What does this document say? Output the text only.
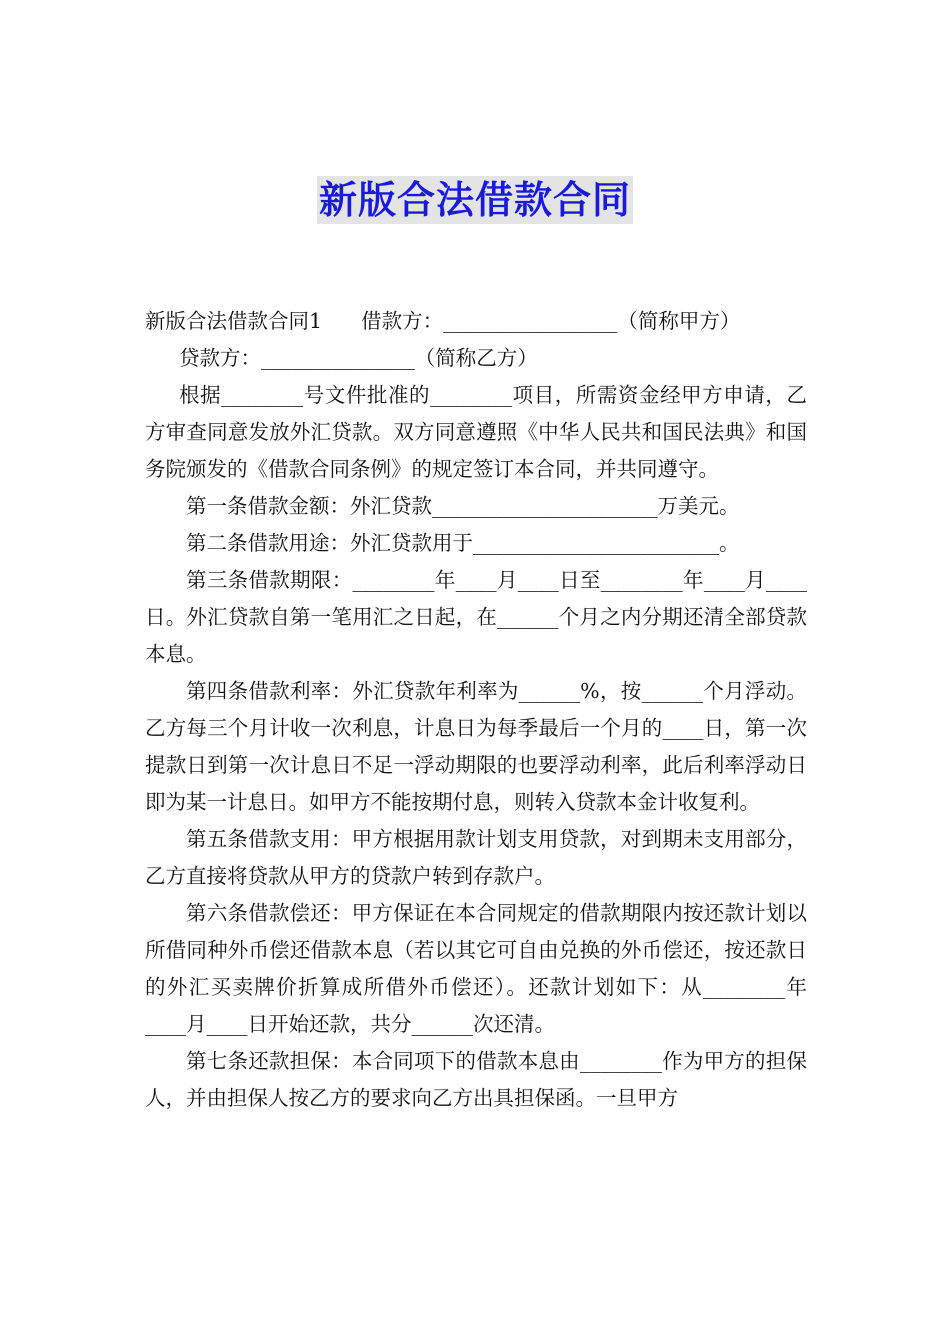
新版合法借款合同

新版合法借款合同1      借款方：_________________（简称甲方）

贷款方：_______________（简称乙方）

根据________号文件批准的________项目，所需资金经甲方申请，乙方审查同意发放外汇贷款。双方同意遵照《中华人民共和国民法典》和国务院颁发的《借款合同条例》的规定签订本合同，并共同遵守。

第一条借款金额：外汇贷款______________________万美元。

第二条借款用途：外汇贷款用于________________________。

第三条借款期限：________年____月____日至________年____月____日。外汇贷款自第一笔用汇之日起，在______个月之内分期还清全部贷款本息。

第四条借款利率：外汇贷款年利率为______%，按______个月浮动。乙方每三个月计收一次利息，计息日为每季最后一个月的____日，第一次提款日到第一次计息日不足一浮动期限的也要浮动利率，此后利率浮动日即为某一计息日。如甲方不能按期付息，则转入贷款本金计收复利。

第五条借款支用：甲方根据用款计划支用贷款，对到期未支用部分，乙方直接将贷款从甲方的贷款户转到存款户。

第六条借款偿还：甲方保证在本合同规定的借款期限内按还款计划以所借同种外币偿还借款本息（若以其它可自由兑换的外币偿还，按还款日的外汇买卖牌价折算成所借外币偿还）。还款计划如下：从________年____月____日开始还款，共分______次还清。

第七条还款担保：本合同项下的借款本息由________作为甲方的担保人，并由担保人按乙方的要求向乙方出具担保函。一旦甲方
